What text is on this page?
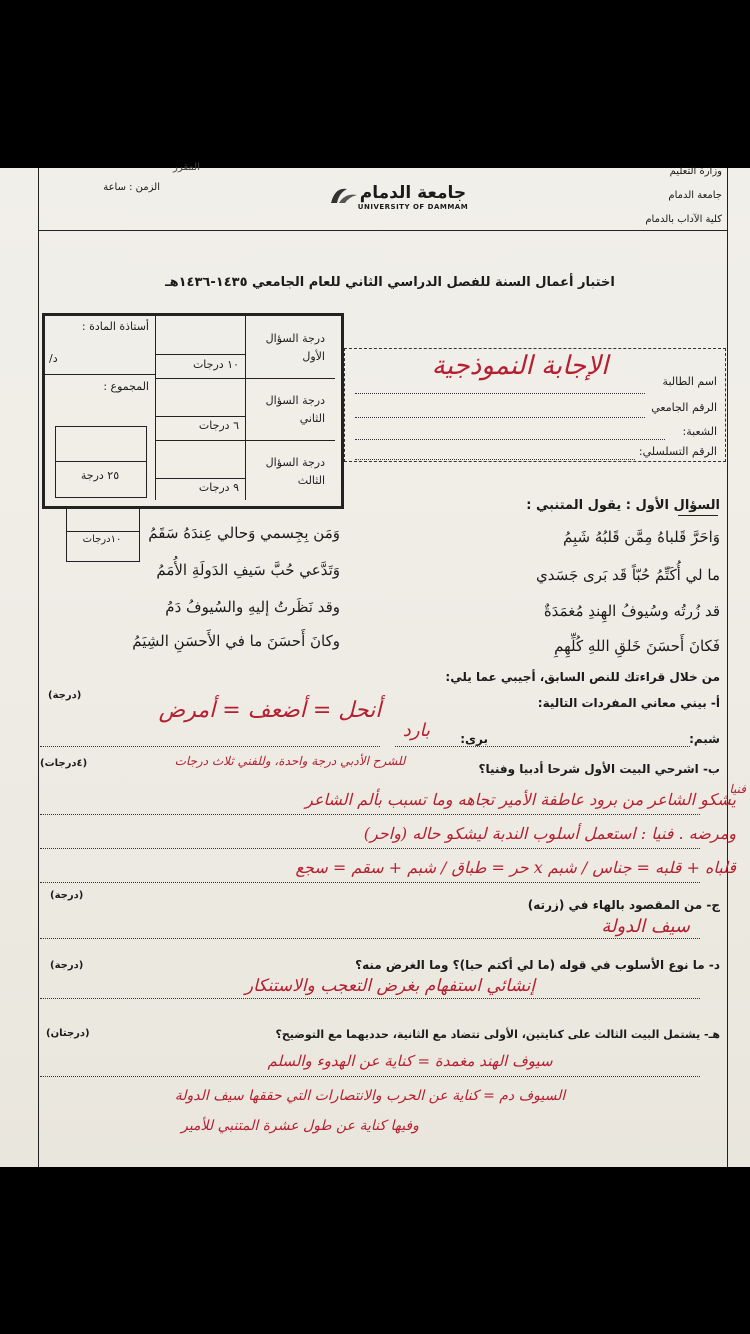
وزارة التعليم
جامعة الدمام
كلية الآداب بالدمام
جامعة الدمام
UNIVERSITY OF DAMMAM
المقرر
الزمن : ساعة
اختبار أعمال السنة للفصل الدراسي الثاني للعام الجامعي ١٤٣٥-١٤٣٦هـ
درجة السؤال الأول
١٠ درجات
درجة السؤال الثاني
٦ درجات
درجة السؤال الثالث
٩ درجات
أستاذة المادة :
د/
المجموع :
٢٥ درجة
اسم الطالبة
الرقم الجامعي
الشعبة:
الرقم التسلسلي:
الإجابة النموذجية
١٠درجات
السؤال الأول : يقول المتنبي :
وَاحَرَّ قَلباهُ مِمَّن قَلبُهُ شَبِمُ
وَمَن بِجِسمي وَحالي عِندَهُ سَقَمُ
ما لي أُكَتِّمُ حُبّاً قَد بَرى جَسَدي
وَتَدَّعي حُبَّ سَيفِ الدَولَةِ الأُمَمُ
قد زُرتُه وسُيوفُ الهِندِ مُغمَدَةٌ
وقد نَظَرتُ إليهِ والسُيوفُ دَمُ
فَكانَ أَحسَنَ خَلقِ اللهِ كُلِّهِمِ
وكانَ أَحسَنَ ما في الأَحسَنِ الشِيَمُ
من خلال قراءتك للنص السابق، أجيبي عما يلي:
أ- بيني معاني المفردات التالية:
(درجة)
شبم:
برى:
بارد
أنحل = أضعف = أمرض
ب- اشرحي البيت الأول شرحا أدبيا وفنيا؟
(٤درجات)	للشرح الأدبي درجة واحدة، وللفني ثلاث درجات
فنيا
يشكو الشاعر من برود عاطفة الأمير تجاهه وما تسبب بألم الشاعر
ومرضه . فنيا : استعمل أسلوب الندبة ليشكو حاله (واحر)
قلباه + قلبه = جناس / شبم x حر = طباق / شبم + سقم = سجع
ج- من المقصود بالهاء في (زرته)
(درجة)
سيف الدولة
د- ما نوع الأسلوب في قوله (ما لي أكتم حبا)؟ وما الغرض منه؟
(درجة)
إنشائي استفهام بغرض التعجب والاستنكار
هـ- يشتمل البيت الثالث على كنايتين، الأولى تتضاد مع الثانية، حدديهما مع التوضيح؟
(درجتان)
سيوف الهند مغمدة = كناية عن الهدوء والسلم
السيوف دم = كناية عن الحرب والانتصارات التي حققها سيف الدولة
وفيها كناية عن طول عشرة المتنبي للأمير
